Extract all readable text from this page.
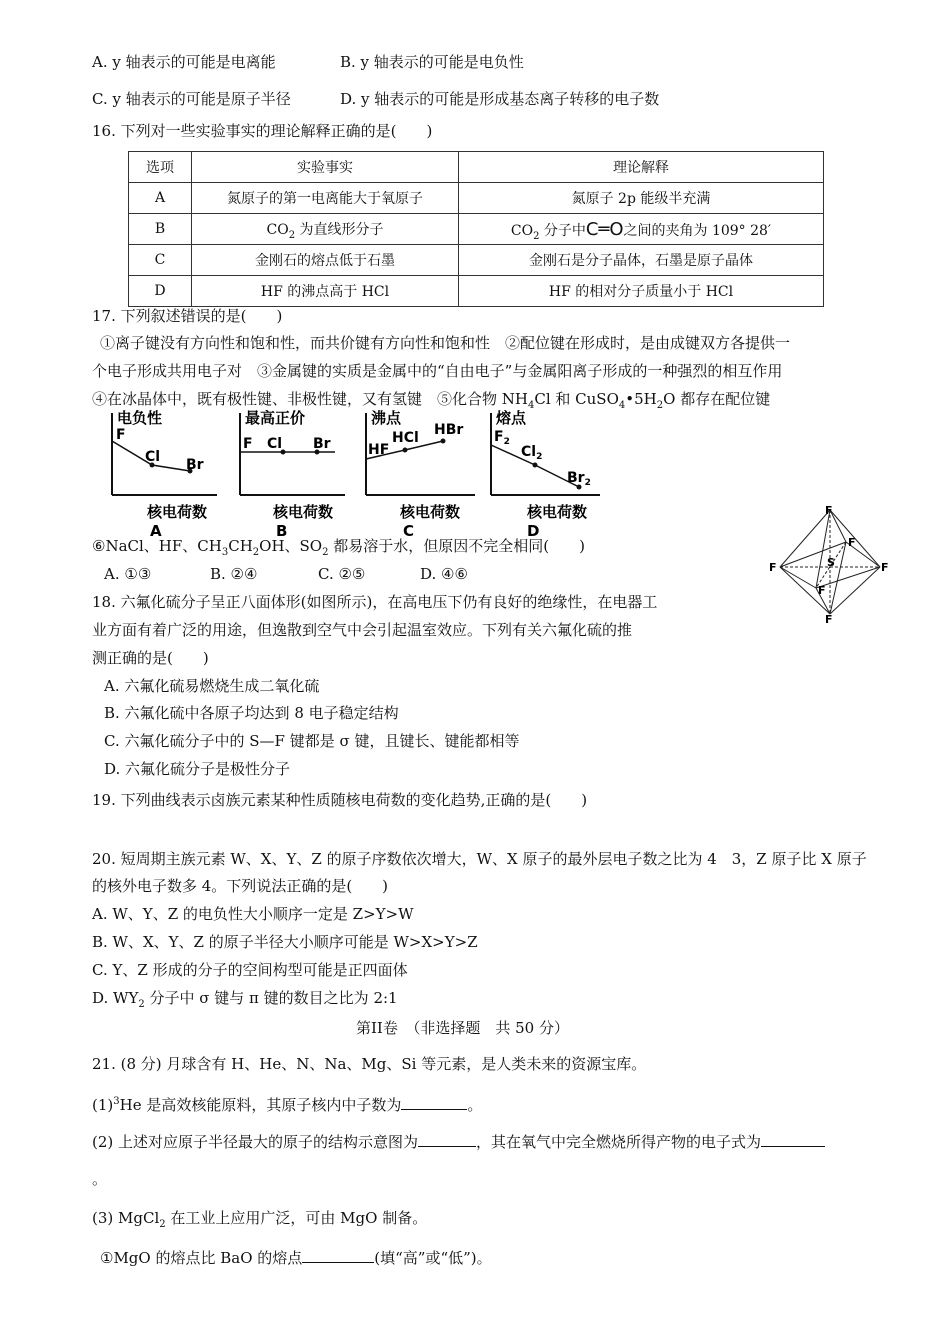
A. y 轴表示的可能是电离能	B. y 轴表示的可能是电负性
C. y 轴表示的可能是原子半径	D. y 轴表示的可能是形成基态离子转移的电子数
16. 下列对一些实验事实的理论解释正确的是(　　)
选项	实验事实	理论解释
A	氮原子的第一电离能大于氧原子	氮原子 2p 能级半充满
B	$CO_2$ 为直线形分子	$CO_2$ 分子中C═O之间的夹角为 109° 28′
C	金刚石的熔点低于石墨	金刚石是分子晶体，石墨是原子晶体
D	HF 的沸点高于 HCl	HF 的相对分子质量小于 HCl
17. 下列叙述错误的是(　　)
①离子键没有方向性和饱和性，而共价键有方向性和饱和性　②配位键在形成时，是由成键双方各提供一
个电子形成共用电子对　③金属键的实质是金属中的“自由电子”与金属阳离子形成的一种强烈的相互作用
④在冰晶体中，既有极性键、非极性键，又有氢键　⑤化合物 $NH_4Cl$ 和 $CuSO_4•5H_2O$ 都存在配位键
电负性
核电荷数
A
F
Cl Br
最高正价
核电荷数
B
F Cl Br
沸点
核电荷数
C
HF
HCl HBr
熔点
核电荷数
D
$F_2$
$Cl_2$
$Br_2$
⑥NaCl、HF、$CH_3CH_2OH$、$SO_2$ 都易溶于水，但原因不完全相同(　　)
A. ①③	B. ②④	C. ②⑤	D. ④⑥
F
F	F
F
F
F
S
18. 六氟化硫分子呈正八面体形(如图所示)，在高电压下仍有良好的绝缘性，在电器工
业方面有着广泛的用途，但逸散到空气中会引起温室效应。下列有关六氟化硫的推
测正确的是(　　)
A. 六氟化硫易燃烧生成二氧化硫
B. 六氟化硫中各原子均达到 8 电子稳定结构
C. 六氟化硫分子中的 S—F 键都是 σ 键，且键长、键能都相等
D. 六氟化硫分子是极性分子
19. 下列曲线表示卤族元素某种性质随核电荷数的变化趋势,正确的是(　　)
20. 短周期主族元素 W、X、Y、Z 的原子序数依次增大，W、X 原子的最外层电子数之比为 4　3，Z 原子比 X 原子
的核外电子数多 4。下列说法正确的是(　　)
A. W、Y、Z 的电负性大小顺序一定是 Z>Y>W
B. W、X、Y、Z 的原子半径大小顺序可能是 W>X>Y>Z
C. Y、Z 形成的分子的空间构型可能是正四面体
D. $WY_2$ 分子中 σ 键与 π 键的数目之比为 2:1
第II卷　（非选择题　共 50 分）
21. (8 分) 月球含有 H、He、N、Na、Mg、Si 等元素，是人类未来的资源宝库。
$(1)^3He$ 是高效核能原料，其原子核内中子数为	。
(2) 上述对应原子半径最大的原子的结构示意图为	，其在氧气中完全燃烧所得产物的电子式为
。
(3) MgCl$_2$ 在工业上应用广泛，可由 MgO 制备。
①MgO 的熔点比 BaO 的熔点	(填“高”或“低”)。
